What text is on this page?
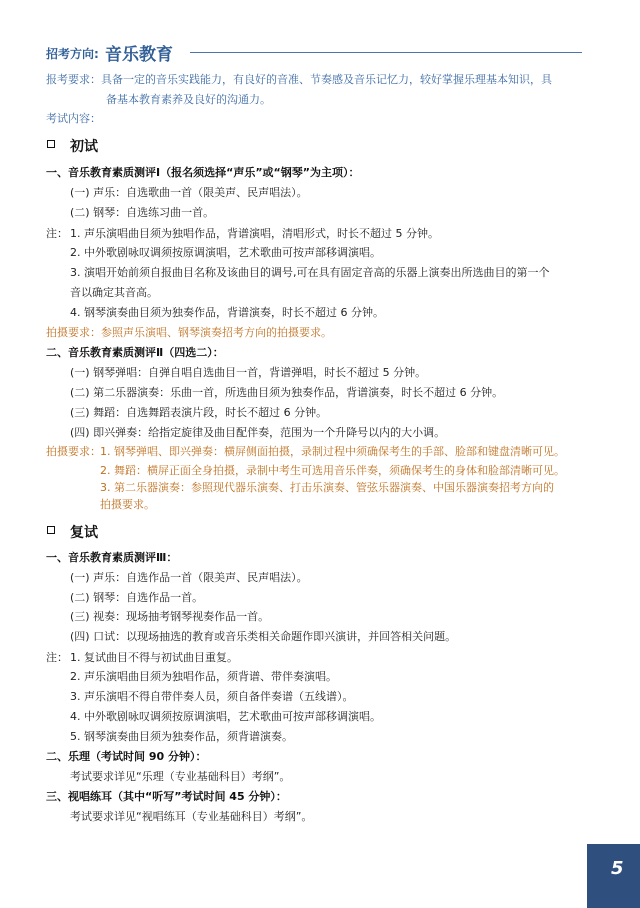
招考方向: 音乐教育
报考要求：具备一定的音乐实践能力，有良好的音准、节奏感及音乐记忆力，较好掌握乐理基本知识，具
备基本教育素养及良好的沟通力。
考试内容：
初试
一、音乐教育素质测评Ⅰ（报名须选择“声乐”或“钢琴”为主项）：
(一) 声乐：自选歌曲一首（限美声、民声唱法）。
(二) 钢琴：自选练习曲一首。
注： 1. 声乐演唱曲目须为独唱作品，背谱演唱，清唱形式，时长不超过 5 分钟。
2. 中外歌剧咏叹调须按原调演唱，艺术歌曲可按声部移调演唱。
3. 演唱开始前须自报曲目名称及该曲目的调号,可在具有固定音高的乐器上演奏出所选曲目的第一个
音以确定其音高。
4. 钢琴演奏曲目须为独奏作品，背谱演奏，时长不超过 6 分钟。
拍摄要求：参照声乐演唱、钢琴演奏招考方向的拍摄要求。
二、音乐教育素质测评Ⅱ（四选二）：
(一) 钢琴弹唱：自弹自唱自选曲目一首，背谱弹唱，时长不超过 5 分钟。
(二) 第二乐器演奏：乐曲一首，所选曲目须为独奏作品，背谱演奏，时长不超过 6 分钟。
(三) 舞蹈：自选舞蹈表演片段，时长不超过 6 分钟。
(四) 即兴弹奏：给指定旋律及曲目配伴奏，范围为一个升降号以内的大小调。
拍摄要求： 1. 钢琴弹唱、即兴弹奏：横屏侧面拍摄，录制过程中须确保考生的手部、脸部和键盘清晰可见。
2. 舞蹈：横屏正面全身拍摄，录制中考生可选用音乐伴奏，须确保考生的身体和脸部清晰可见。
3. 第二乐器演奏：参照现代器乐演奏、打击乐演奏、管弦乐器演奏、中国乐器演奏招考方向的
拍摄要求。
复试
一、音乐教育素质测评Ⅲ：
(一) 声乐：自选作品一首（限美声、民声唱法）。
(二) 钢琴：自选作品一首。
(三) 视奏：现场抽考钢琴视奏作品一首。
(四) 口试：以现场抽选的教育或音乐类相关命题作即兴演讲，并回答相关问题。
注： 1. 复试曲目不得与初试曲目重复。
2. 声乐演唱曲目须为独唱作品，须背谱、带伴奏演唱。
3. 声乐演唱不得自带伴奏人员，须自备伴奏谱（五线谱）。
4. 中外歌剧咏叹调须按原调演唱，艺术歌曲可按声部移调演唱。
5. 钢琴演奏曲目须为独奏作品，须背谱演奏。
二、乐理（考试时间 90 分钟）：
考试要求详见“乐理（专业基础科目）考纲”。
三、视唱练耳（其中“听写”考试时间 45 分钟）：
考试要求详见“视唱练耳（专业基础科目）考纲”。
5
